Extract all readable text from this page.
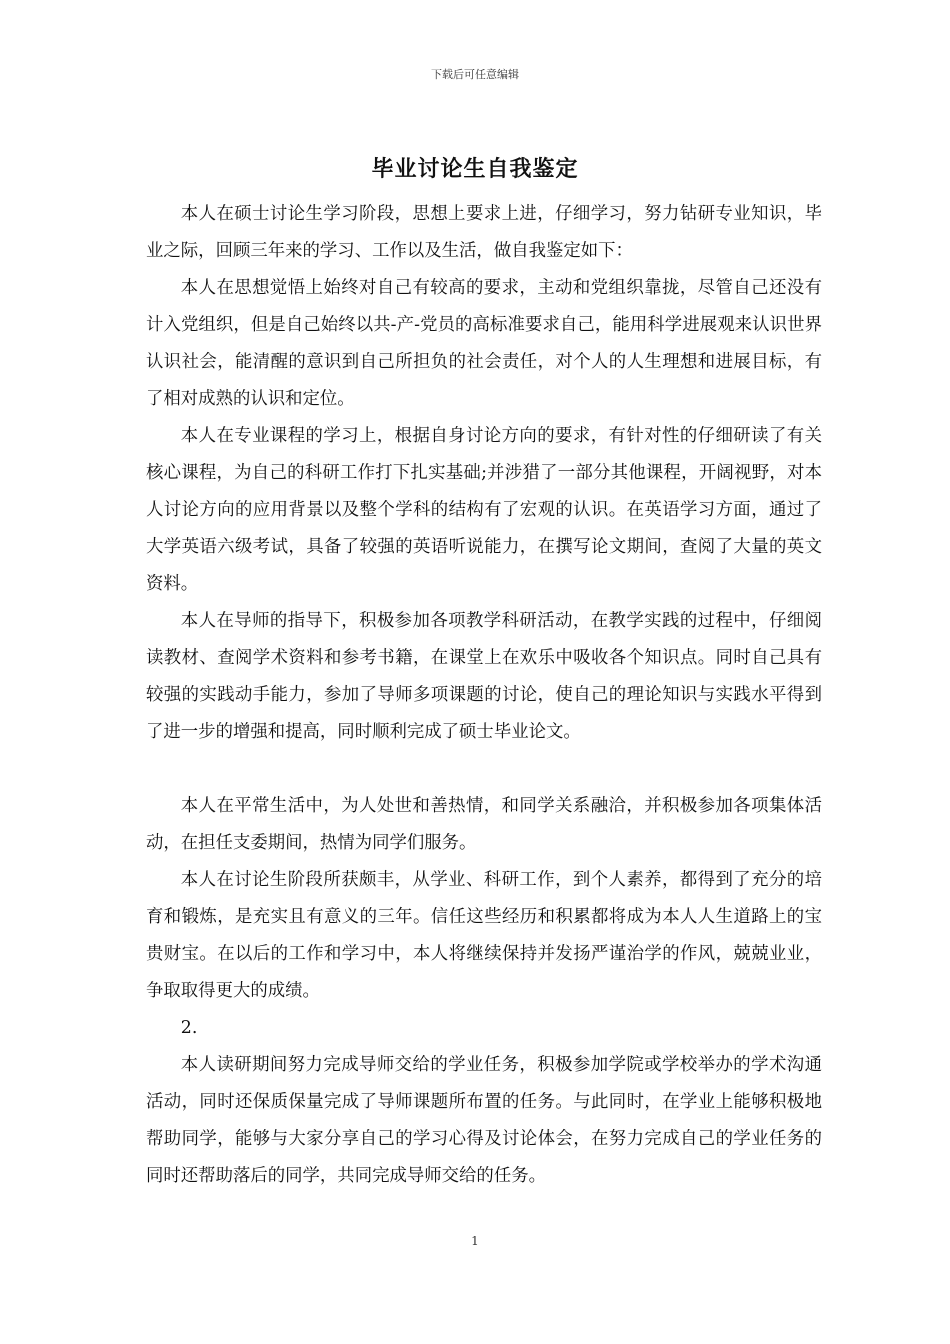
下载后可任意编辑
毕业讨论生自我鉴定

本人在硕士讨论生学习阶段，思想上要求上进，仔细学习，努力钻研专业知识，毕业之际，回顾三年来的学习、工作以及生活，做自我鉴定如下：

本人在思想觉悟上始终对自己有较高的要求，主动和党组织靠拢，尽管自己还没有计入党组织，但是自己始终以共-产-党员的高标准要求自己，能用科学进展观来认识世界认识社会，能清醒的意识到自己所担负的社会责任，对个人的人生理想和进展目标，有了相对成熟的认识和定位。

本人在专业课程的学习上，根据自身讨论方向的要求，有针对性的仔细研读了有关核心课程，为自己的科研工作打下扎实基础;并涉猎了一部分其他课程，开阔视野，对本人讨论方向的应用背景以及整个学科的结构有了宏观的认识。在英语学习方面，通过了大学英语六级考试，具备了较强的英语听说能力，在撰写论文期间，查阅了大量的英文资料。

本人在导师的指导下，积极参加各项教学科研活动，在教学实践的过程中，仔细阅读教材、查阅学术资料和参考书籍，在课堂上在欢乐中吸收各个知识点。同时自己具有较强的实践动手能力，参加了导师多项课题的讨论，使自己的理论知识与实践水平得到了进一步的增强和提高，同时顺利完成了硕士毕业论文。

本人在平常生活中，为人处世和善热情，和同学关系融洽，并积极参加各项集体活动，在担任支委期间，热情为同学们服务。

本人在讨论生阶段所获颇丰，从学业、科研工作，到个人素养，都得到了充分的培育和锻炼，是充实且有意义的三年。信任这些经历和积累都将成为本人人生道路上的宝贵财宝。在以后的工作和学习中，本人将继续保持并发扬严谨治学的作风，兢兢业业，争取取得更大的成绩。

2.

本人读研期间努力完成导师交给的学业任务，积极参加学院或学校举办的学术沟通活动，同时还保质保量完成了导师课题所布置的任务。与此同时，在学业上能够积极地帮助同学，能够与大家分享自己的学习心得及讨论体会，在努力完成自己的学业任务的同时还帮助落后的同学，共同完成导师交给的任务。

1
